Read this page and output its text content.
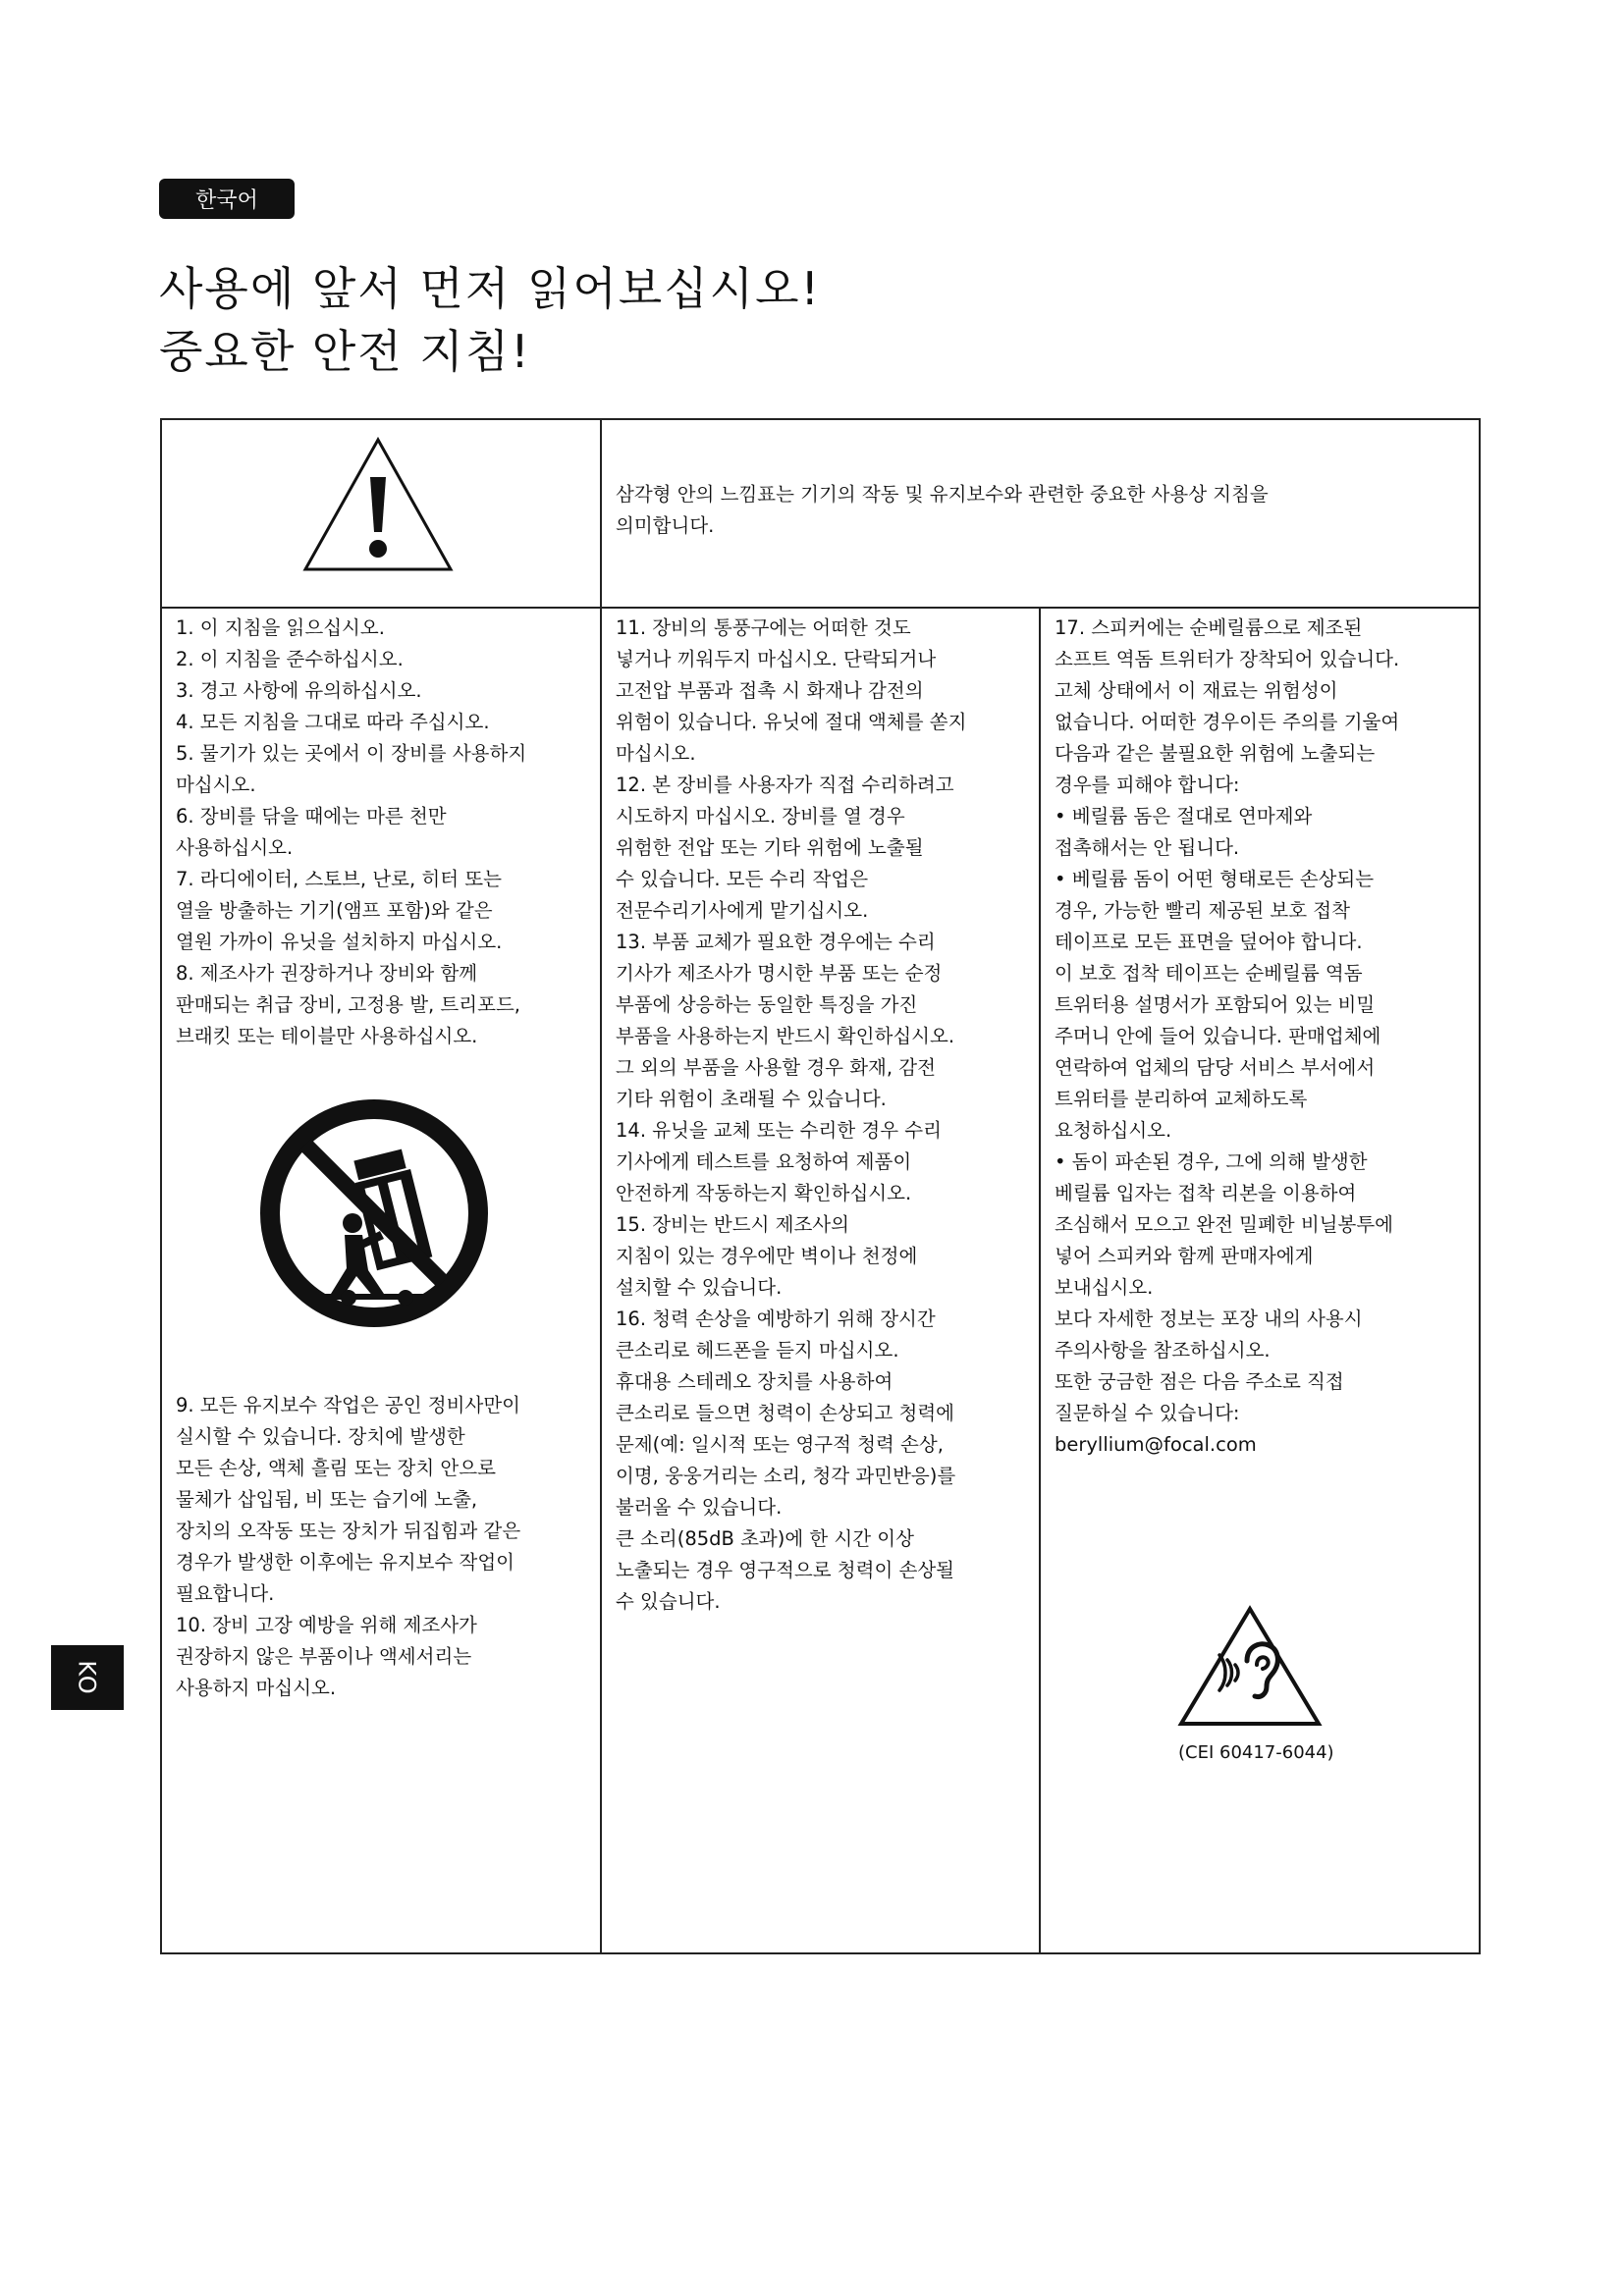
한국어
사용에 앞서 먼저 읽어보십시오!
중요한 안전 지침!
삼각형 안의 느낌표는 기기의 작동 및 유지보수와 관련한 중요한 사용상 지침을
의미합니다.
1. 이 지침을 읽으십시오.
2. 이 지침을 준수하십시오.
3. 경고 사항에 유의하십시오.
4. 모든 지침을 그대로 따라 주십시오.
5. 물기가 있는 곳에서 이 장비를 사용하지
마십시오.
6. 장비를 닦을 때에는 마른 천만
사용하십시오.
7. 라디에이터, 스토브, 난로, 히터 또는
열을 방출하는 기기(앰프 포함)와 같은
열원 가까이 유닛을 설치하지 마십시오.
8. 제조사가 권장하거나 장비와 함께
판매되는 취급 장비, 고정용 발, 트리포드,
브래킷 또는 테이블만 사용하십시오.
9. 모든 유지보수 작업은 공인 정비사만이
실시할 수 있습니다. 장치에 발생한
모든 손상, 액체 흘림 또는 장치 안으로
물체가 삽입됨, 비 또는 습기에 노출,
장치의 오작동 또는 장치가 뒤집힘과 같은
경우가 발생한 이후에는 유지보수 작업이
필요합니다.
10. 장비 고장 예방을 위해 제조사가
권장하지 않은 부품이나 액세서리는
사용하지 마십시오.
11. 장비의 통풍구에는 어떠한 것도
넣거나 끼워두지 마십시오. 단락되거나
고전압 부품과 접촉 시 화재나 감전의
위험이 있습니다. 유닛에 절대 액체를 쏟지
마십시오.
12. 본 장비를 사용자가 직접 수리하려고
시도하지 마십시오. 장비를 열 경우
위험한 전압 또는 기타 위험에 노출될
수 있습니다. 모든 수리 작업은
전문수리기사에게 맡기십시오.
13. 부품 교체가 필요한 경우에는 수리
기사가 제조사가 명시한 부품 또는 순정
부품에 상응하는 동일한 특징을 가진
부품을 사용하는지 반드시 확인하십시오.
그 외의 부품을 사용할 경우 화재, 감전
기타 위험이 초래될 수 있습니다.
14. 유닛을 교체 또는 수리한 경우 수리
기사에게 테스트를 요청하여 제품이
안전하게 작동하는지 확인하십시오.
15. 장비는 반드시 제조사의
지침이 있는 경우에만 벽이나 천정에
설치할 수 있습니다.
16. 청력 손상을 예방하기 위해 장시간
큰소리로 헤드폰을 듣지 마십시오.
휴대용 스테레오 장치를 사용하여
큰소리로 들으면 청력이 손상되고 청력에
문제(예: 일시적 또는 영구적 청력 손상,
이명, 웅웅거리는 소리, 청각 과민반응)를
불러올 수 있습니다.
큰 소리(85dB 초과)에 한 시간 이상
노출되는 경우 영구적으로 청력이 손상될
수 있습니다.
17. 스피커에는 순베릴륨으로 제조된
소프트 역돔 트위터가 장착되어 있습니다.
고체 상태에서 이 재료는 위험성이
없습니다. 어떠한 경우이든 주의를 기울여
다음과 같은 불필요한 위험에 노출되는
경우를 피해야 합니다:
• 베릴륨 돔은 절대로 연마제와
접촉해서는 안 됩니다.
• 베릴륨 돔이 어떤 형태로든 손상되는
경우, 가능한 빨리 제공된 보호 접착
테이프로 모든 표면을 덮어야 합니다.
이 보호 접착 테이프는 순베릴륨 역돔
트위터용 설명서가 포함되어 있는 비밀
주머니 안에 들어 있습니다. 판매업체에
연락하여 업체의 담당 서비스 부서에서
트위터를 분리하여 교체하도록
요청하십시오.
• 돔이 파손된 경우, 그에 의해 발생한
베릴륨 입자는 접착 리본을 이용하여
조심해서 모으고 완전 밀폐한 비닐봉투에
넣어 스피커와 함께 판매자에게
보내십시오.
보다 자세한 정보는 포장 내의 사용시
주의사항을 참조하십시오.
또한 궁금한 점은 다음 주소로 직접
질문하실 수 있습니다:
beryllium@focal.com
(CEI 60417-6044)
KO
